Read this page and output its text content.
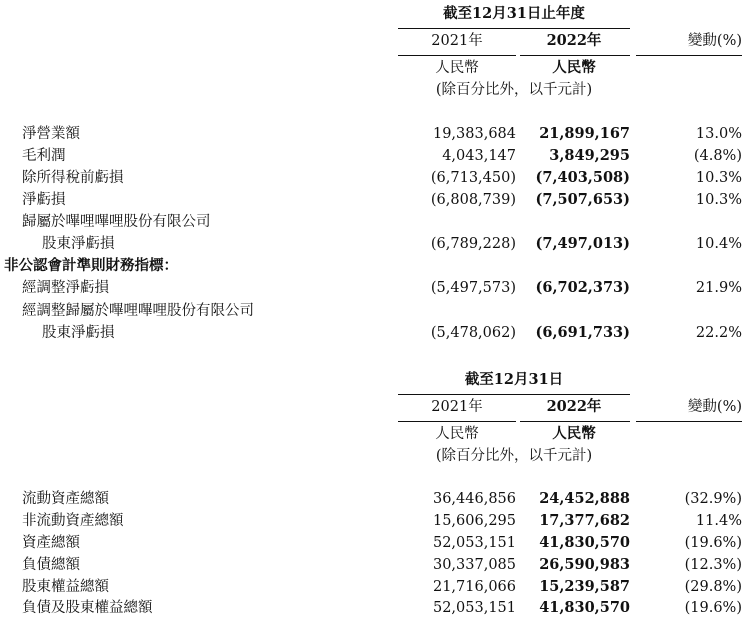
截至12月31日止年度
2021年	2022年	變動(%)
人民幣	人民幣
(除百分比外，以千元計)
淨營業額	19,383,684	21,899,167	13.0%
毛利潤	4,043,147	3,849,295	(4.8%)
除所得稅前虧損	(6,713,450)	(7,403,508)	10.3%
淨虧損	(6,808,739)	(7,507,653)	10.3%
歸屬於嗶哩嗶哩股份有限公司
股東淨虧損	(6,789,228)	(7,497,013)	10.4%
非公認會計準則財務指標：
經調整淨虧損	(5,497,573)	(6,702,373)	21.9%
經調整歸屬於嗶哩嗶哩股份有限公司
股東淨虧損	(5,478,062)	(6,691,733)	22.2%
截至12月31日
2021年	2022年	變動(%)
人民幣	人民幣
(除百分比外，以千元計)
流動資產總額	36,446,856	24,452,888	(32.9%)
非流動資產總額	15,606,295	17,377,682	11.4%
資產總額	52,053,151	41,830,570	(19.6%)
負債總額	30,337,085	26,590,983	(12.3%)
股東權益總額	21,716,066	15,239,587	(29.8%)
負債及股東權益總額	52,053,151	41,830,570	(19.6%)
